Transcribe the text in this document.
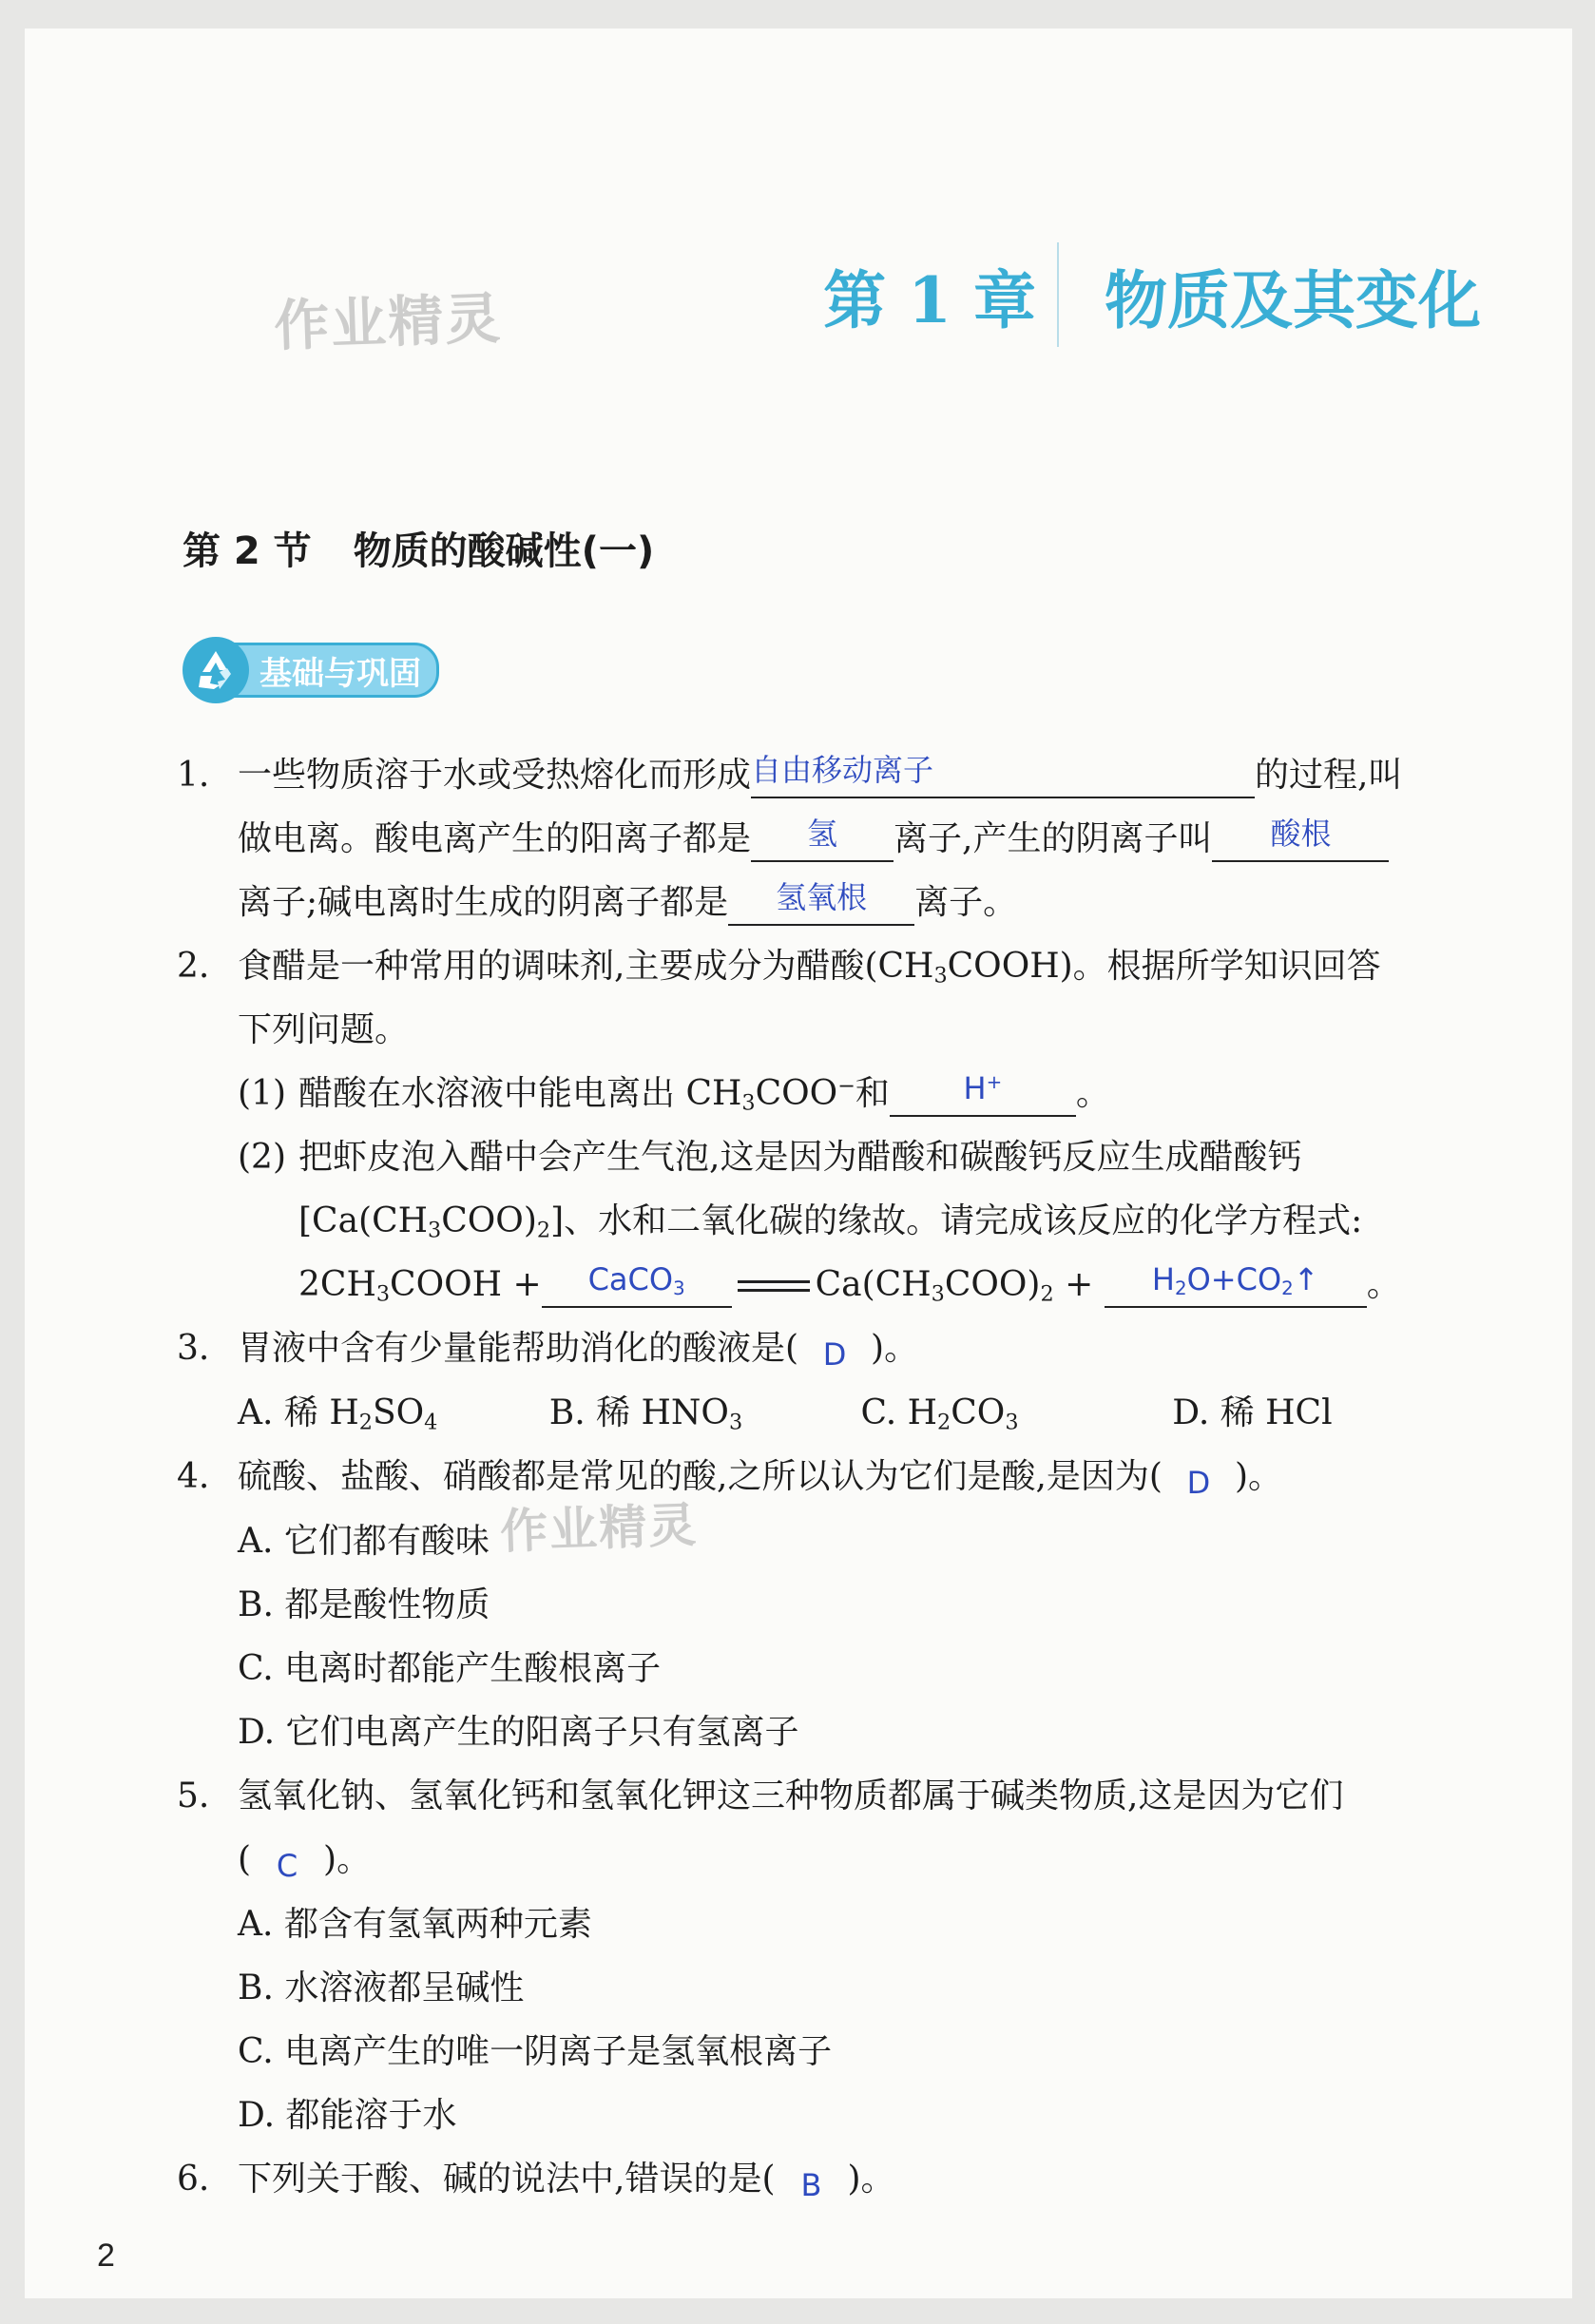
第 1 章 物质及其变化
作业精灵
作业精灵
第 2 节 物质的酸碱性(一)
基础与巩固
1. 一些物质溶于水或受热熔化而形成自由移动离子	的过程,叫
做电离。酸电离产生的阳离子都是 氢 离子,产生的阴离子叫 酸根
离子;碱电离时生成的阴离子都是 氢氧根 离子。
2. 食醋是一种常用的调味剂,主要成分为醋酸$(CH_3COOH)$。根据所学知识回答
下列问题。
(1) 醋酸在水溶液中能电离出 $CH_3COO^-$和 H+ 。
(2) 把虾皮泡入醋中会产生气泡,这是因为醋酸和碳酸钙反应生成醋酸钙
$[Ca(CH_3COO)_2]$、水和二氧化碳的缘故。请完成该反应的化学方程式:
$2CH_3COOH$ + CaCO$_3$	$Ca(CH_3COO)_2$ + $H_2O+CO_2↑$ 。
3. 胃液中含有少量能帮助消化的酸液是( D )。
A. 稀 $H_2SO_4$	B. 稀 $HNO_3$	C. $H_2CO_3$	D. 稀 HCl
4. 硫酸、盐酸、硝酸都是常见的酸,之所以认为它们是酸,是因为( D )。
A. 它们都有酸味
B. 都是酸性物质
C. 电离时都能产生酸根离子
D. 它们电离产生的阳离子只有氢离子
5. 氢氧化钠、氢氧化钙和氢氧化钾这三种物质都属于碱类物质,这是因为它们
( C )。
A. 都含有氢氧两种元素
B. 水溶液都呈碱性
C. 电离产生的唯一阴离子是氢氧根离子
D. 都能溶于水
6. 下列关于酸、碱的说法中,错误的是( B )。
2
